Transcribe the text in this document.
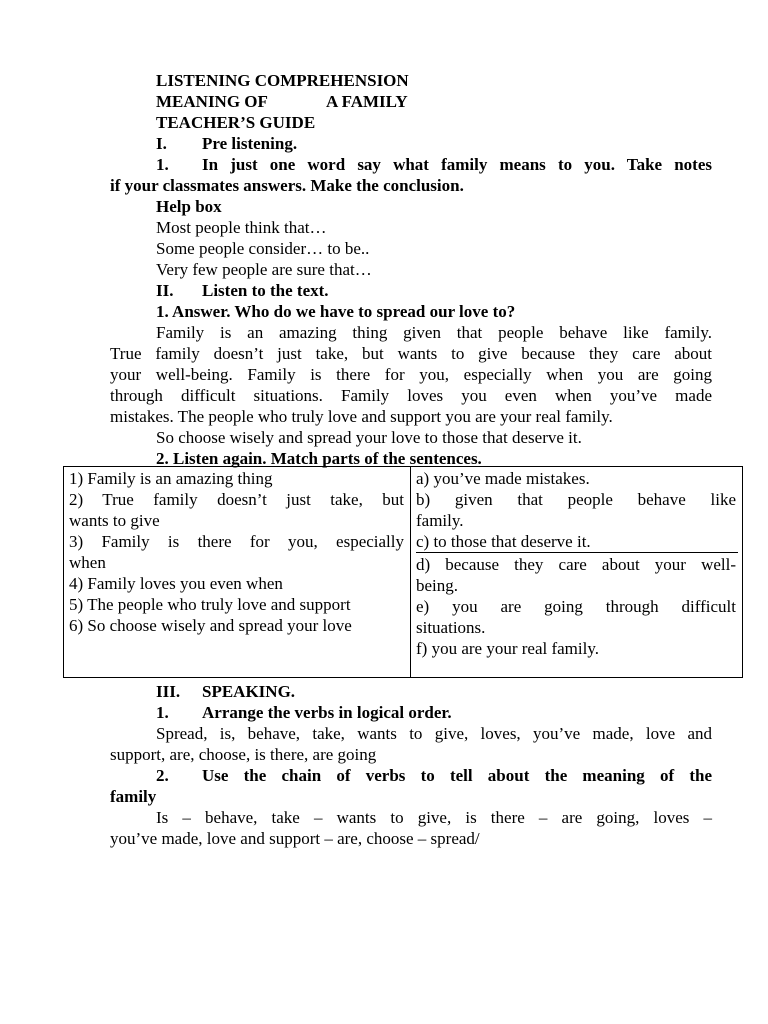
LISTENING COMPREHENSION
MEANING OF	A FAMILY
TEACHER’S GUIDE
I. Pre listening.
1. In just one word say what family means to you. Take notes
if your classmates answers. Make the conclusion.
Help box
Most people think that…
Some people consider… to be..
Very few people are sure that…
II. Listen to the text.
1. Answer. Who do we have to spread our love to?
Family is an amazing thing given that people behave like family.
True family doesn’t just take, but wants to give because they care about
your well-being. Family is there for you, especially when you are going
through difficult situations. Family loves you even when you’ve made
mistakes. The people who truly love and support you are your real family.
So choose wisely and spread your love to those that deserve it.
2. Listen again. Match parts of the sentences.
1) Family is an amazing thing
2) True family doesn’t just take, but
wants to give
3) Family is there for you, especially
when
4) Family loves you even when
5) The people who truly love and support
6) So choose wisely and spread your love
a) you’ve made mistakes.
b) given that people behave like
family.
c) to those that deserve it.
d) because they care about your well-
being.
e) you are going through difficult
situations.
f) you are your real family.
III. SPEAKING.
1. Arrange the verbs in logical order.
Spread, is, behave, take, wants to give, loves, you’ve made, love and
support, are, choose, is there, are going
2. Use the chain of verbs to tell about the meaning of the
family
Is – behave, take – wants to give, is there – are going, loves –
you’ve made, love and support – are, choose – spread/
